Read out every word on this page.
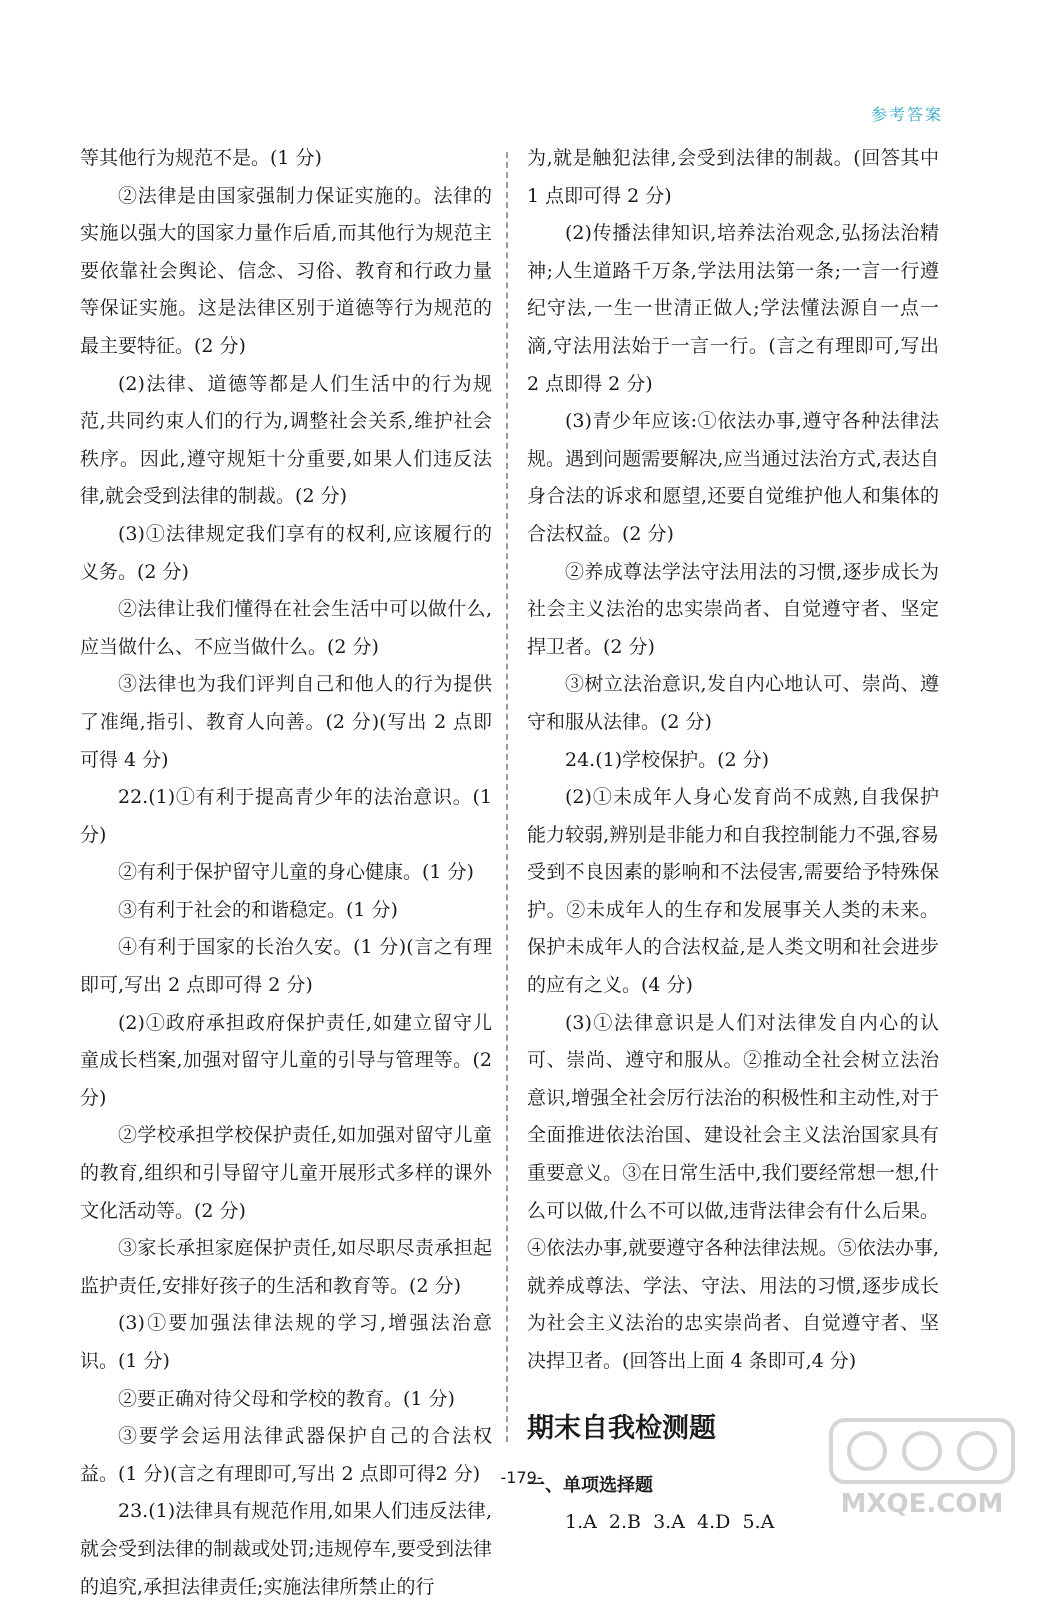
参考答案

等其他行为规范不是。(1 分)

②法律是由国家强制力保证实施的。法律的实施以强大的国家力量作后盾,而其他行为规范主要依靠社会舆论、信念、习俗、教育和行政力量等保证实施。这是法律区别于道德等行为规范的最主要特征。(2 分)

(2)法律、道德等都是人们生活中的行为规范,共同约束人们的行为,调整社会关系,维护社会秩序。因此,遵守规矩十分重要,如果人们违反法律,就会受到法律的制裁。(2 分)

(3)①法律规定我们享有的权利,应该履行的义务。(2 分)

②法律让我们懂得在社会生活中可以做什么,应当做什么、不应当做什么。(2 分)

③法律也为我们评判自己和他人的行为提供了准绳,指引、教育人向善。(2 分)(写出 2 点即可得 4 分)

22.(1)①有利于提高青少年的法治意识。(1 分)

②有利于保护留守儿童的身心健康。(1 分)

③有利于社会的和谐稳定。(1 分)

④有利于国家的长治久安。(1 分)(言之有理即可,写出 2 点即可得 2 分)

(2)①政府承担政府保护责任,如建立留守儿童成长档案,加强对留守儿童的引导与管理等。(2 分)

②学校承担学校保护责任,如加强对留守儿童的教育,组织和引导留守儿童开展形式多样的课外文化活动等。(2 分)

③家长承担家庭保护责任,如尽职尽责承担起监护责任,安排好孩子的生活和教育等。(2 分)

(3)①要加强法律法规的学习,增强法治意识。(1 分)

②要正确对待父母和学校的教育。(1 分)

③要学会运用法律武器保护自己的合法权益。(1 分)(言之有理即可,写出 2 点即可得2 分)

23.(1)法律具有规范作用,如果人们违反法律,就会受到法律的制裁或处罚;违规停车,要受到法律的追究,承担法律责任;实施法律所禁止的行

为,就是触犯法律,会受到法律的制裁。(回答其中 1 点即可得 2 分)

(2)传播法律知识,培养法治观念,弘扬法治精神;人生道路千万条,学法用法第一条;一言一行遵纪守法,一生一世清正做人;学法懂法源自一点一滴,守法用法始于一言一行。(言之有理即可,写出 2 点即得 2 分)

(3)青少年应该:①依法办事,遵守各种法律法规。遇到问题需要解决,应当通过法治方式,表达自身合法的诉求和愿望,还要自觉维护他人和集体的合法权益。(2 分)

②养成尊法学法守法用法的习惯,逐步成长为社会主义法治的忠实崇尚者、自觉遵守者、坚定捍卫者。(2 分)

③树立法治意识,发自内心地认可、崇尚、遵守和服从法律。(2 分)

24.(1)学校保护。(2 分)

(2)①未成年人身心发育尚不成熟,自我保护能力较弱,辨别是非能力和自我控制能力不强,容易受到不良因素的影响和不法侵害,需要给予特殊保护。②未成年人的生存和发展事关人类的未来。保护未成年人的合法权益,是人类文明和社会进步的应有之义。(4 分)

(3)①法律意识是人们对法律发自内心的认可、崇尚、遵守和服从。②推动全社会树立法治意识,增强全社会厉行法治的积极性和主动性,对于全面推进依法治国、建设社会主义法治国家具有重要意义。③在日常生活中,我们要经常想一想,什么可以做,什么不可以做,违背法律会有什么后果。④依法办事,就要遵守各种法律法规。⑤依法办事,就养成尊法、学法、守法、用法的习惯,逐步成长为社会主义法治的忠实崇尚者、自觉遵守者、坚决捍卫者。(回答出上面 4 条即可,4 分)

期末自我检测题

一、单项选择题

1.A  2.B  3.A  4.D  5.A

-179-
MXQE.COM
